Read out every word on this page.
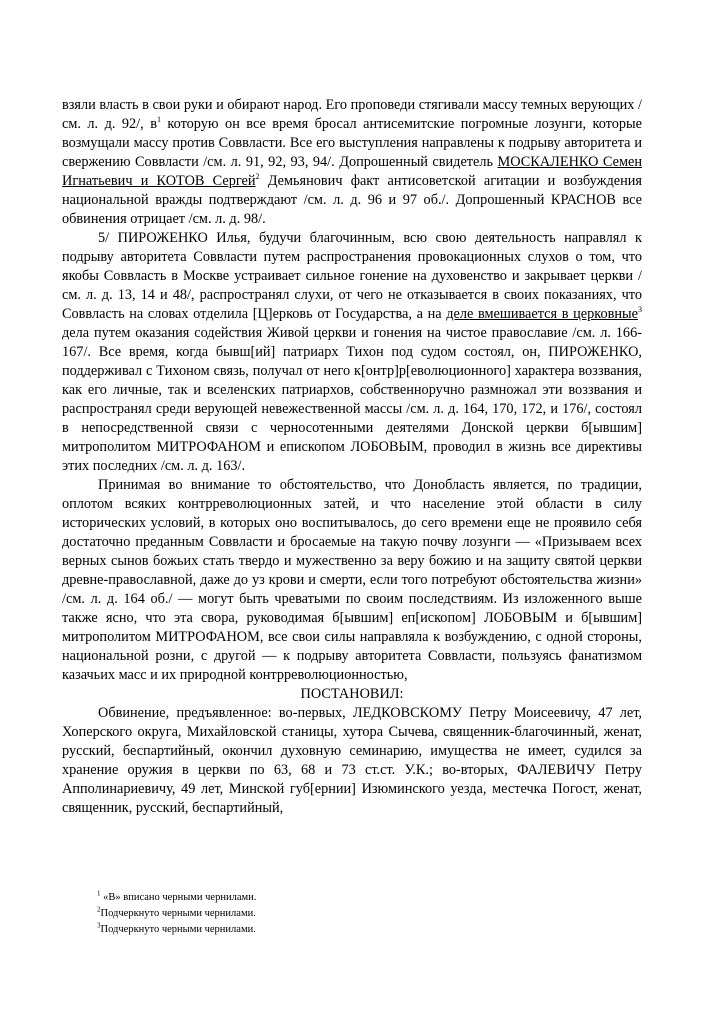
взяли власть в свои руки и обирают народ. Его проповеди стягивали массу темных верующих /см. л. д. 92/, $в^1$ которую он все время бросал антисемитские погромные лозунги, которые возмущали массу против Соввласти. Все его выступления направлены к подрыву авторитета и свержению Соввласти /см. л. 91, 92, 93, 94/. Допрошенный свидетель МОСКАЛЕНКО Семен Игнатьевич и КОТОВ Сергей$^2$ Демьянович факт антисоветской агитации и возбуждения национальной вражды подтверждают /см. л. д. 96 и 97 об./. Допрошенный КРАСНОВ все обвинения отрицает /см. л. д. 98/.

5/ ПИРОЖЕНКО Илья, будучи благочинным, всю свою деятельность направлял к подрыву авторитета Соввласти путем распространения провокационных слухов о том, что якобы Соввласть в Москве устраивает сильное гонение на духовенство и закрывает церкви /см. л. д. 13, 14 и 48/, распространял слухи, от чего не отказывается в своих показаниях, что Соввласть на словах отделила [Ц]ерковь от Государства, а на деле вмешивается в церковные$^3$ дела путем оказания содействия Живой церкви и гонения на чистое православие /см. л. 166-167/. Все время, когда бывш[ий] патриарх Тихон под судом состоял, он, ПИРОЖЕНКО, поддерживал с Тихоном связь, получал от него к[онтр]р[еволюционного] характера воззвания, как его личные, так и вселенских патриархов, собственноручно размножал эти воззвания и распространял среди верующей невежественной массы /см. л. д. 164, 170, 172, и 176/, состоял в непосредственной связи с черносотенными деятелями Донской церкви б[ывшим] митрополитом МИТРОФАНОМ и епископом ЛОБОВЫМ, проводил в жизнь все директивы этих последних /см. л. д. 163/.

Принимая во внимание то обстоятельство, что Донобласть является, по традиции, оплотом всяких контрреволюционных затей, и что население этой области в силу исторических условий, в которых оно воспитывалось, до сего времени еще не проявило себя достаточно преданным Соввласти и бросаемые на такую почву лозунги — «Призываем всех верных сынов божьих стать твердо и мужественно за веру божию и на защиту святой церкви древне-православной, даже до уз крови и смерти, если того потребуют обстоятельства жизни» /см. л. д. 164 об./ — могут быть чреватыми по своим последствиям. Из изложенного выше также ясно, что эта свора, руководимая б[ывшим] еп[ископом] ЛОБОВЫМ и б[ывшим] митрополитом МИТРОФАНОМ, все свои силы направляла к возбуждению, с одной стороны, национальной розни, с другой — к подрыву авторитета Соввласти, пользуясь фанатизмом казачьих масс и их природной контрреволюционностью,

ПОСТАНОВИЛ:

Обвинение, предъявленное: во-первых, ЛЕДКОВСКОМУ Петру Моисеевичу, 47 лет, Хоперского округа, Михайловской станицы, хутора Сычева, священник-благочинный, женат, русский, беспартийный, окончил духовную семинарию, имущества не имеет, судился за хранение оружия в церкви по 63, 68 и 73 ст.ст. У.К.; во-вторых, ФАЛЕВИЧУ Петру Апполинариевичу, 49 лет, Минской губ[ернии] Изюминского уезда, местечка Погост, женат, священник, русский, беспартийный,

$^1$ «В» вписано черными чернилами.

$^2$Подчеркнуто черными чернилами.

$^3$Подчеркнуто черными чернилами.
